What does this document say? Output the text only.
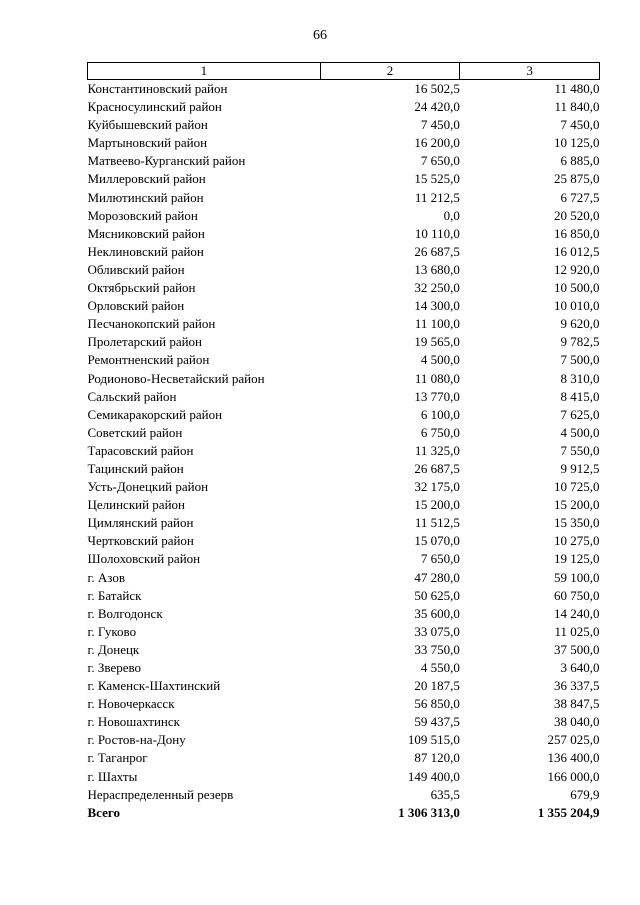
66
1	2	3
Константиновский район	16 502,5	11 480,0
Красносулинский район	24 420,0	11 840,0
Куйбышевский район	7 450,0	7 450,0
Мартыновский район	16 200,0	10 125,0
Матвеево-Курганский район	7 650,0	6 885,0
Миллеровский район	15 525,0	25 875,0
Милютинский район	11 212,5	6 727,5
Морозовский район	0,0	20 520,0
Мясниковский район	10 110,0	16 850,0
Неклиновский район	26 687,5	16 012,5
Обливский район	13 680,0	12 920,0
Октябрьский район	32 250,0	10 500,0
Орловский район	14 300,0	10 010,0
Песчанокопский район	11 100,0	9 620,0
Пролетарский район	19 565,0	9 782,5
Ремонтненский район	4 500,0	7 500,0
Родионово-Несветайский район	11 080,0	8 310,0
Сальский район	13 770,0	8 415,0
Семикаракорский район	6 100,0	7 625,0
Советский район	6 750,0	4 500,0
Тарасовский район	11 325,0	7 550,0
Тацинский район	26 687,5	9 912,5
Усть-Донецкий район	32 175,0	10 725,0
Целинский район	15 200,0	15 200,0
Цимлянский район	11 512,5	15 350,0
Чертковский район	15 070,0	10 275,0
Шолоховский район	7 650,0	19 125,0
г. Азов	47 280,0	59 100,0
г. Батайск	50 625,0	60 750,0
г. Волгодонск	35 600,0	14 240,0
г. Гуково	33 075,0	11 025,0
г. Донецк	33 750,0	37 500,0
г. Зверево	4 550,0	3 640,0
г. Каменск-Шахтинский	20 187,5	36 337,5
г. Новочеркасск	56 850,0	38 847,5
г. Новошахтинск	59 437,5	38 040,0
г. Ростов-на-Дону	109 515,0	257 025,0
г. Таганрог	87 120,0	136 400,0
г. Шахты	149 400,0	166 000,0
Нераспределенный резерв	635,5	679,9
Всего	1 306 313,0	1 355 204,9
